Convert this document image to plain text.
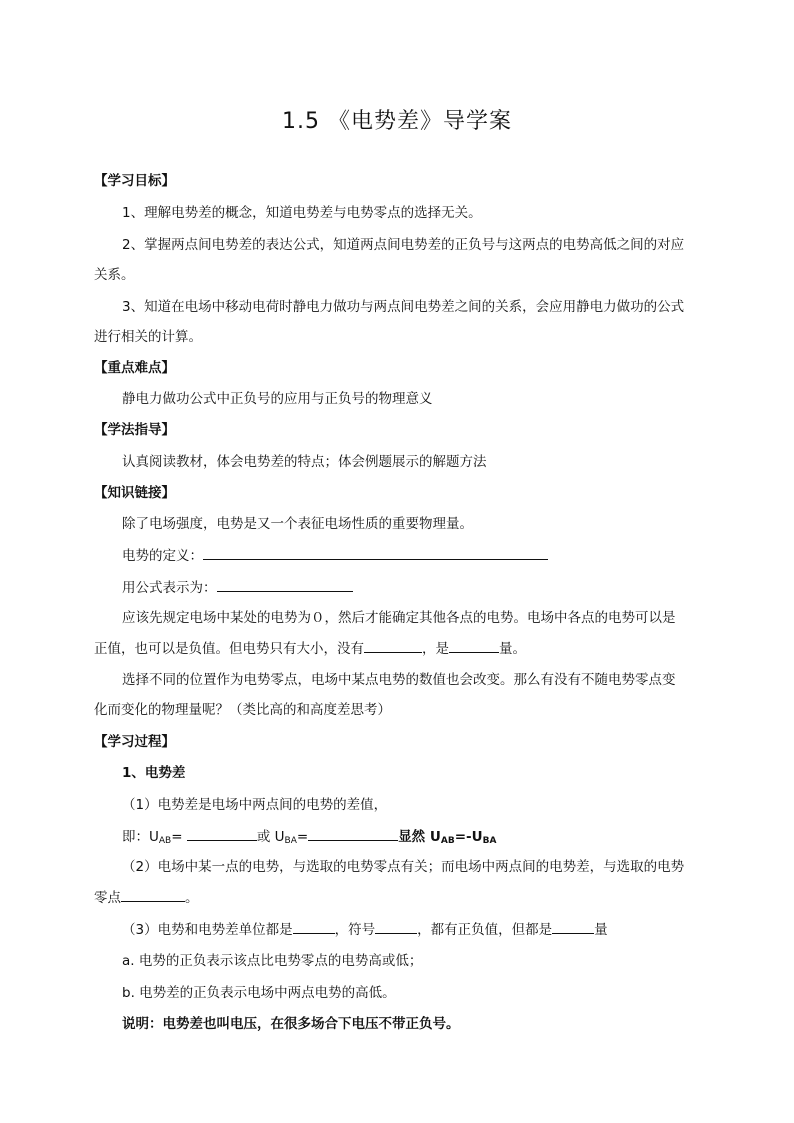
1.5 《电势差》导学案
【学习目标】
1、理解电势差的概念，知道电势差与电势零点的选择无关。
2、掌握两点间电势差的表达公式，知道两点间电势差的正负号与这两点的电势高低之间的对应
关系。
3、知道在电场中移动电荷时静电力做功与两点间电势差之间的关系，会应用静电力做功的公式
进行相关的计算。
【重点难点】
静电力做功公式中正负号的应用与正负号的物理意义
【学法指导】
认真阅读教材，体会电势差的特点；体会例题展示的解题方法
【知识链接】
除了电场强度，电势是又一个表征电场性质的重要物理量。
电势的定义：
用公式表示为：
应该先规定电场中某处的电势为０，然后才能确定其他各点的电势。电场中各点的电势可以是
正值，也可以是负值。但电势只有大小，没有	，是	量。
选择不同的位置作为电势零点，电场中某点电势的数值也会改变。那么有没有不随电势零点变
化而变化的物理量呢？（类比高的和高度差思考）
【学习过程】
1、电势差
（1）电势差是电场中两点间的电势的差值，
即：$U_{AB}=$	或 $U_{BA}=$	显然 $U_{AB}=-U_{BA}$
（2）电场中某一点的电势，与选取的电势零点有关；而电场中两点间的电势差，与选取的电势
零点	。
（3）电势和电势差单位都是	，符号	，都有正负值，但都是	量
a. 电势的正负表示该点比电势零点的电势高或低；
b. 电势差的正负表示电场中两点电势的高低。
说明：电势差也叫电压，在很多场合下电压不带正负号。
